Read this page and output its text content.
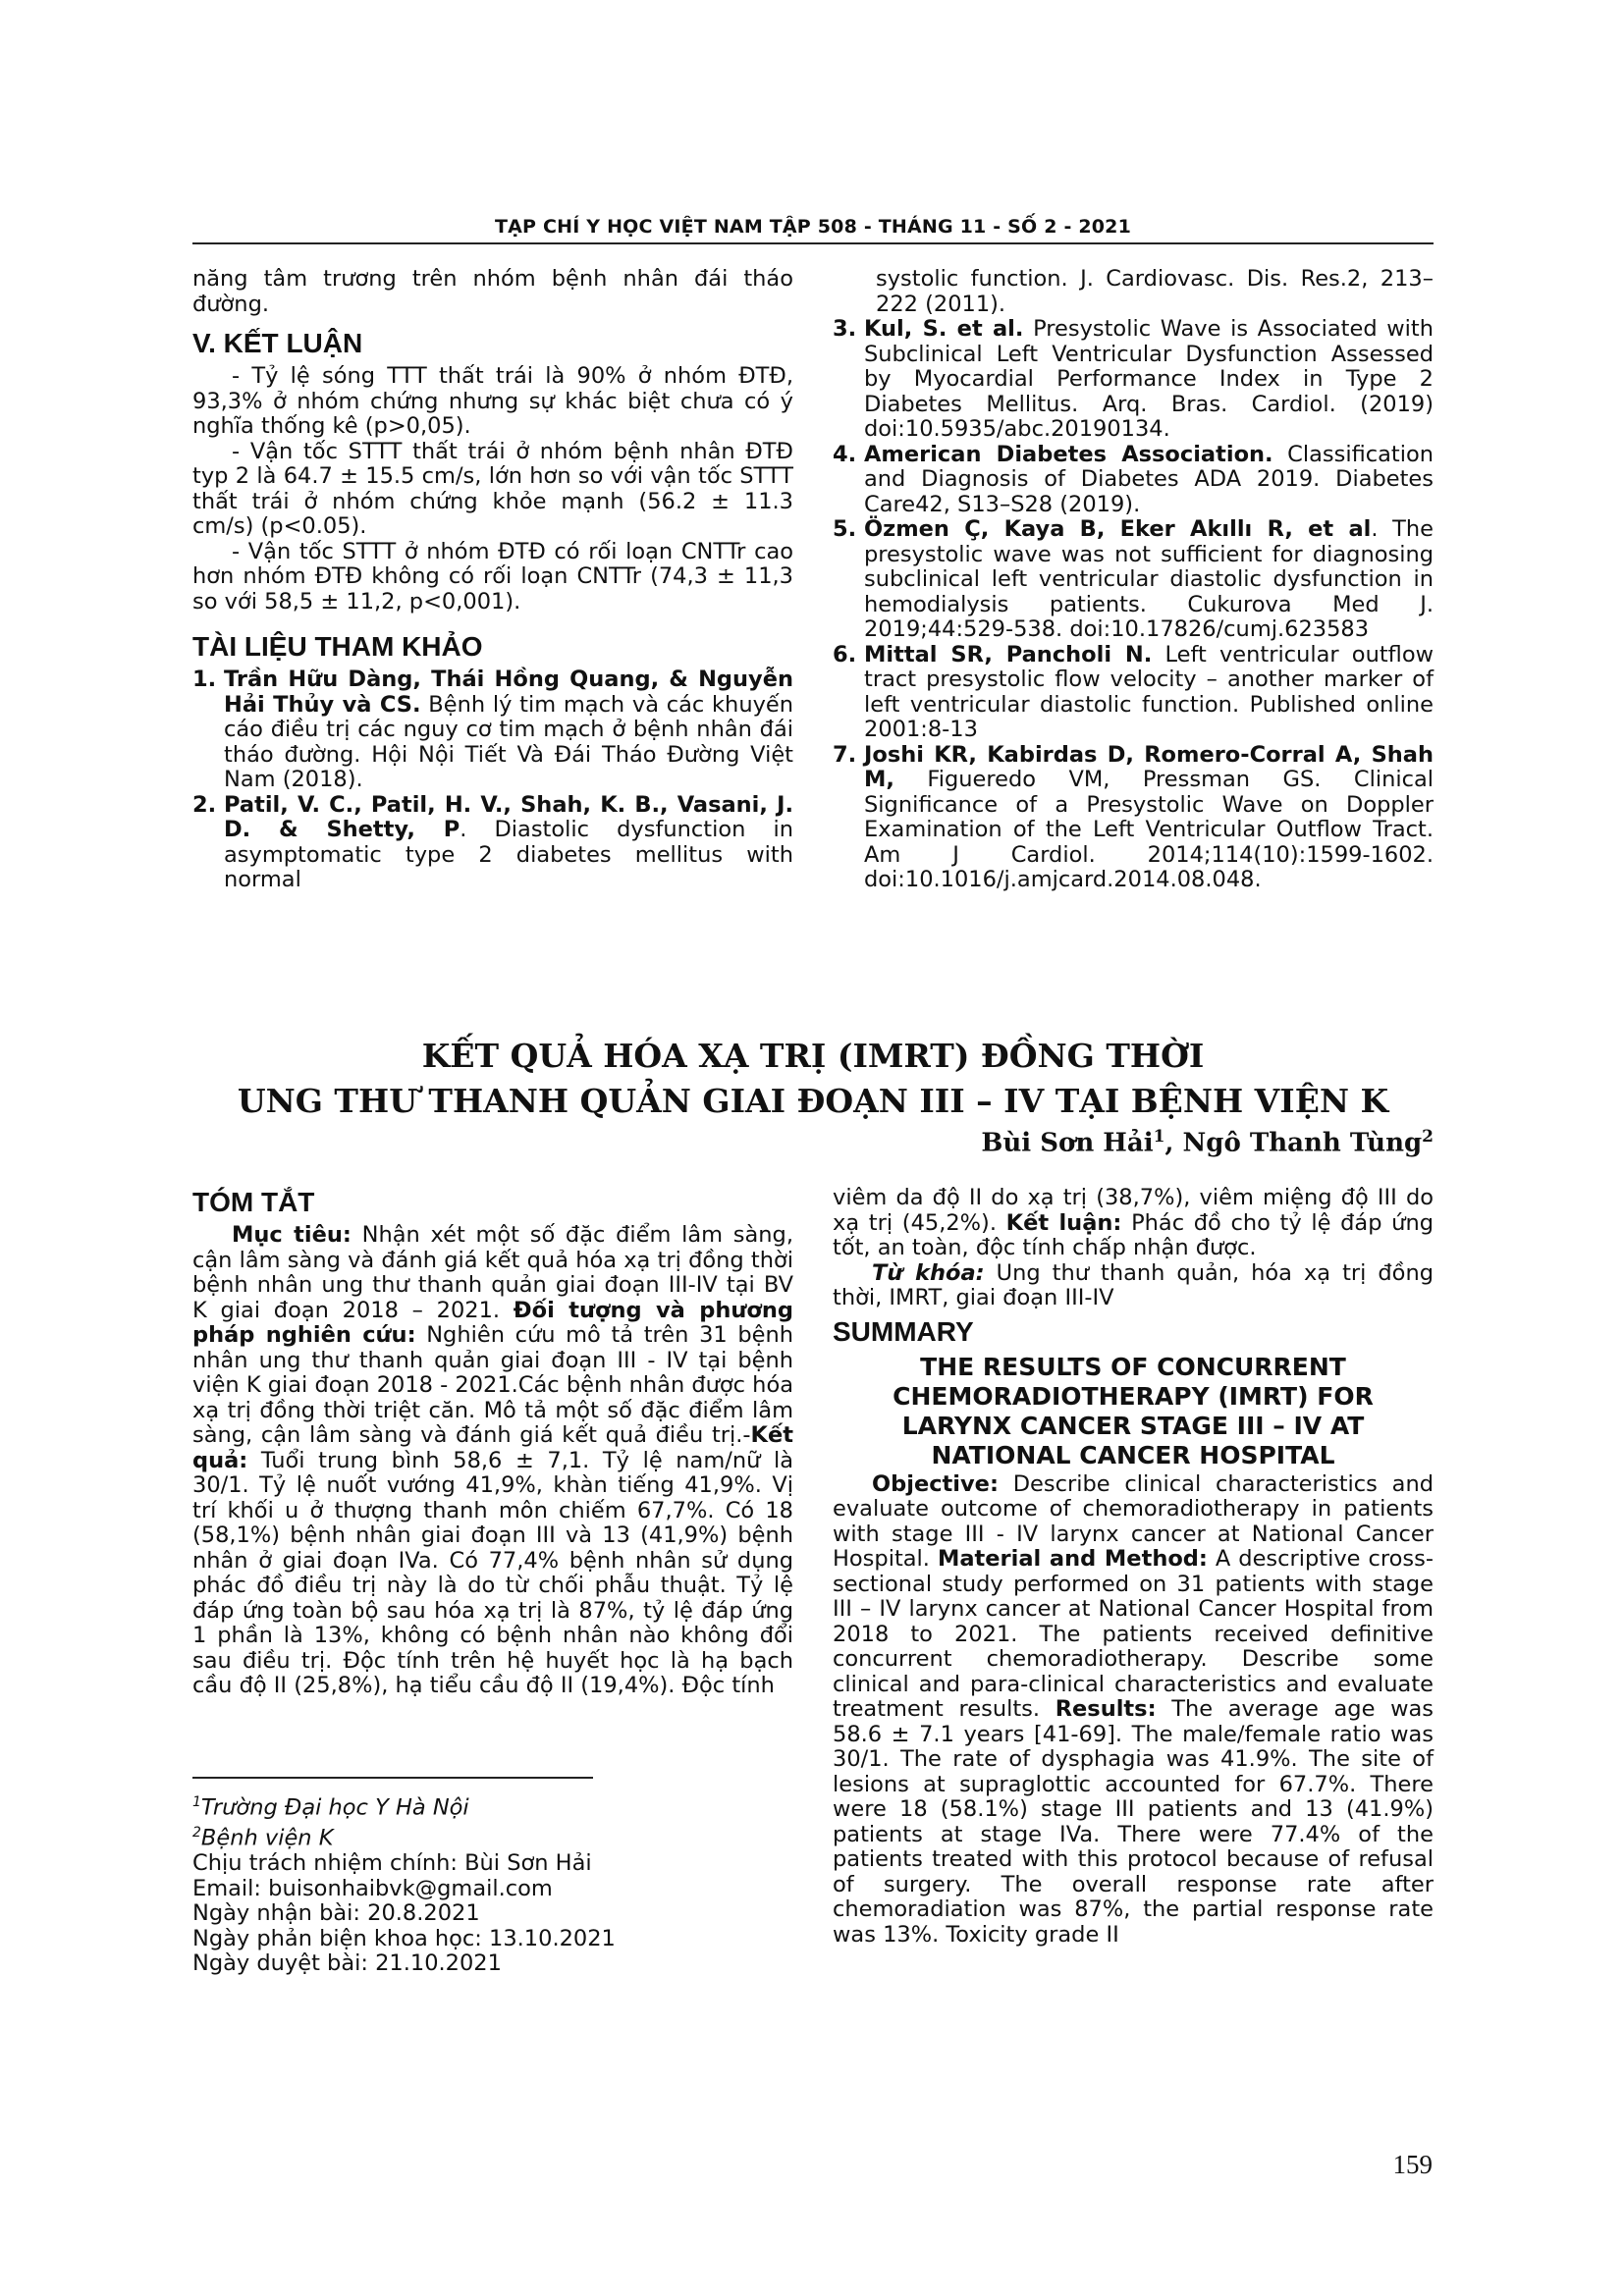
TẠP CHÍ Y HỌC VIỆT NAM TẬP 508 - THÁNG 11 - SỐ 2 - 2021

năng tâm trương trên nhóm bệnh nhân đái tháo đường.

V. KẾT LUẬN

- Tỷ lệ sóng TTT thất trái là 90% ở nhóm ĐTĐ, 93,3% ở nhóm chứng nhưng sự khác biệt chưa có ý nghĩa thống kê (p>0,05).

- Vận tốc STTT thất trái ở nhóm bệnh nhân ĐTĐ typ 2 là 64.7 ± 15.5 cm/s, lớn hơn so với vận tốc STTT thất trái ở nhóm chứng khỏe mạnh (56.2 ± 11.3 cm/s) (p<0.05).

- Vận tốc STTT ở nhóm ĐTĐ có rối loạn CNTTr cao hơn nhóm ĐTĐ không có rối loạn CNTTr (74,3 ± 11,3 so với 58,5 ± 11,2, p<0,001).

TÀI LIỆU THAM KHẢO
1. Trần Hữu Dàng, Thái Hồng Quang, & Nguyễn Hải Thủy và CS. Bệnh lý tim mạch và các khuyến cáo điều trị các nguy cơ tim mạch ở bệnh nhân đái tháo đường. Hội Nội Tiết Và Đái Tháo Đường Việt Nam (2018).
2. Patil, V. C., Patil, H. V., Shah, K. B., Vasani, J. D. & Shetty, P. Diastolic dysfunction in asymptomatic type 2 diabetes mellitus with normal

systolic function. J. Cardiovasc. Dis. Res.2, 213–222 (2011).

3. Kul, S. et al. Presystolic Wave is Associated with Subclinical Left Ventricular Dysfunction Assessed by Myocardial Performance Index in Type 2 Diabetes Mellitus. Arq. Bras. Cardiol. (2019) doi:10.5935/abc.20190134.
4. American Diabetes Association. Classification and Diagnosis of Diabetes ADA 2019. Diabetes Care42, S13–S28 (2019).
5. Özmen Ç, Kaya B, Eker Akıllı R, et al. The presystolic wave was not sufficient for diagnosing subclinical left ventricular diastolic dysfunction in hemodialysis patients. Cukurova Med J. 2019;44:529-538. doi:10.17826/cumj.623583
6. Mittal SR, Pancholi N. Left ventricular outflow tract presystolic flow velocity – another marker of left ventricular diastolic function. Published online 2001:8-13
7. Joshi KR, Kabirdas D, Romero-Corral A, Shah M, Figueredo VM, Pressman GS. Clinical Significance of a Presystolic Wave on Doppler Examination of the Left Ventricular Outflow Tract. Am J Cardiol. 2014;114(10):1599-1602. doi:10.1016/j.amjcard.2014.08.048.
KẾT QUẢ HÓA XẠ TRỊ (IMRT) ĐỒNG THỜI
UNG THƯ THANH QUẢN GIAI ĐOẠN III – IV TẠI BỆNH VIỆN K
Bùi Sơn Hải$^1$, Ngô Thanh Tùng$^2$
TÓM TẮT

Mục tiêu: Nhận xét một số đặc điểm lâm sàng, cận lâm sàng và đánh giá kết quả hóa xạ trị đồng thời bệnh nhân ung thư thanh quản giai đoạn III-IV tại BV K giai đoạn 2018 – 2021. Đối tượng và phương pháp nghiên cứu: Nghiên cứu mô tả trên 31 bệnh nhân ung thư thanh quản giai đoạn III - IV tại bệnh viện K giai đoạn 2018 - 2021.Các bệnh nhân được hóa xạ trị đồng thời triệt căn. Mô tả một số đặc điểm lâm sàng, cận lâm sàng và đánh giá kết quả điều trị.-Kết quả: Tuổi trung bình 58,6 ± 7,1. Tỷ lệ nam/nữ là 30/1. Tỷ lệ nuốt vướng 41,9%, khàn tiếng 41,9%. Vị trí khối u ở thượng thanh môn chiếm 67,7%. Có 18 (58,1%) bệnh nhân giai đoạn III và 13 (41,9%) bệnh nhân ở giai đoạn IVa. Có 77,4% bệnh nhân sử dụng phác đồ điều trị này là do từ chối phẫu thuật. Tỷ lệ đáp ứng toàn bộ sau hóa xạ trị là 87%, tỷ lệ đáp ứng 1 phần là 13%, không có bệnh nhân nào không đổi sau điều trị. Độc tính trên hệ huyết học là hạ bạch cầu độ II (25,8%), hạ tiểu cầu độ II (19,4%). Độc tính

viêm da độ II do xạ trị (38,7%), viêm miệng độ III do xạ trị (45,2%). Kết luận: Phác đồ cho tỷ lệ đáp ứng tốt, an toàn, độc tính chấp nhận được.

Từ khóa: Ung thư thanh quản, hóa xạ trị đồng thời, IMRT, giai đoạn III-IV

SUMMARY
THE RESULTS OF CONCURRENT
CHEMORADIOTHERAPY (IMRT) FOR
LARYNX CANCER STAGE III – IV AT
NATIONAL CANCER HOSPITAL

Objective: Describe clinical characteristics and evaluate outcome of chemoradiotherapy in patients with stage III - IV larynx cancer at National Cancer Hospital. Material and Method: A descriptive cross-sectional study performed on 31 patients with stage III – IV larynx cancer at National Cancer Hospital from 2018 to 2021. The patients received definitive concurrent chemoradiotherapy. Describe some clinical and para-clinical characteristics and evaluate treatment results. Results: The average age was 58.6 ± 7.1 years [41-69]. The male/female ratio was 30/1. The rate of dysphagia was 41.9%. The site of lesions at supraglottic accounted for 67.7%. There were 18 (58.1%) stage III patients and 13 (41.9%) patients at stage IVa. There were 77.4% of the patients treated with this protocol because of refusal of surgery. The overall response rate after chemoradiation was 87%, the partial response rate was 13%. Toxicity grade II

$^1$Trường Đại học Y Hà Nội

$^2$Bệnh viện K

Chịu trách nhiệm chính: Bùi Sơn Hải

Email: buisonhaibvk@gmail.com

Ngày nhận bài: 20.8.2021

Ngày phản biện khoa học: 13.10.2021

Ngày duyệt bài: 21.10.2021

159
